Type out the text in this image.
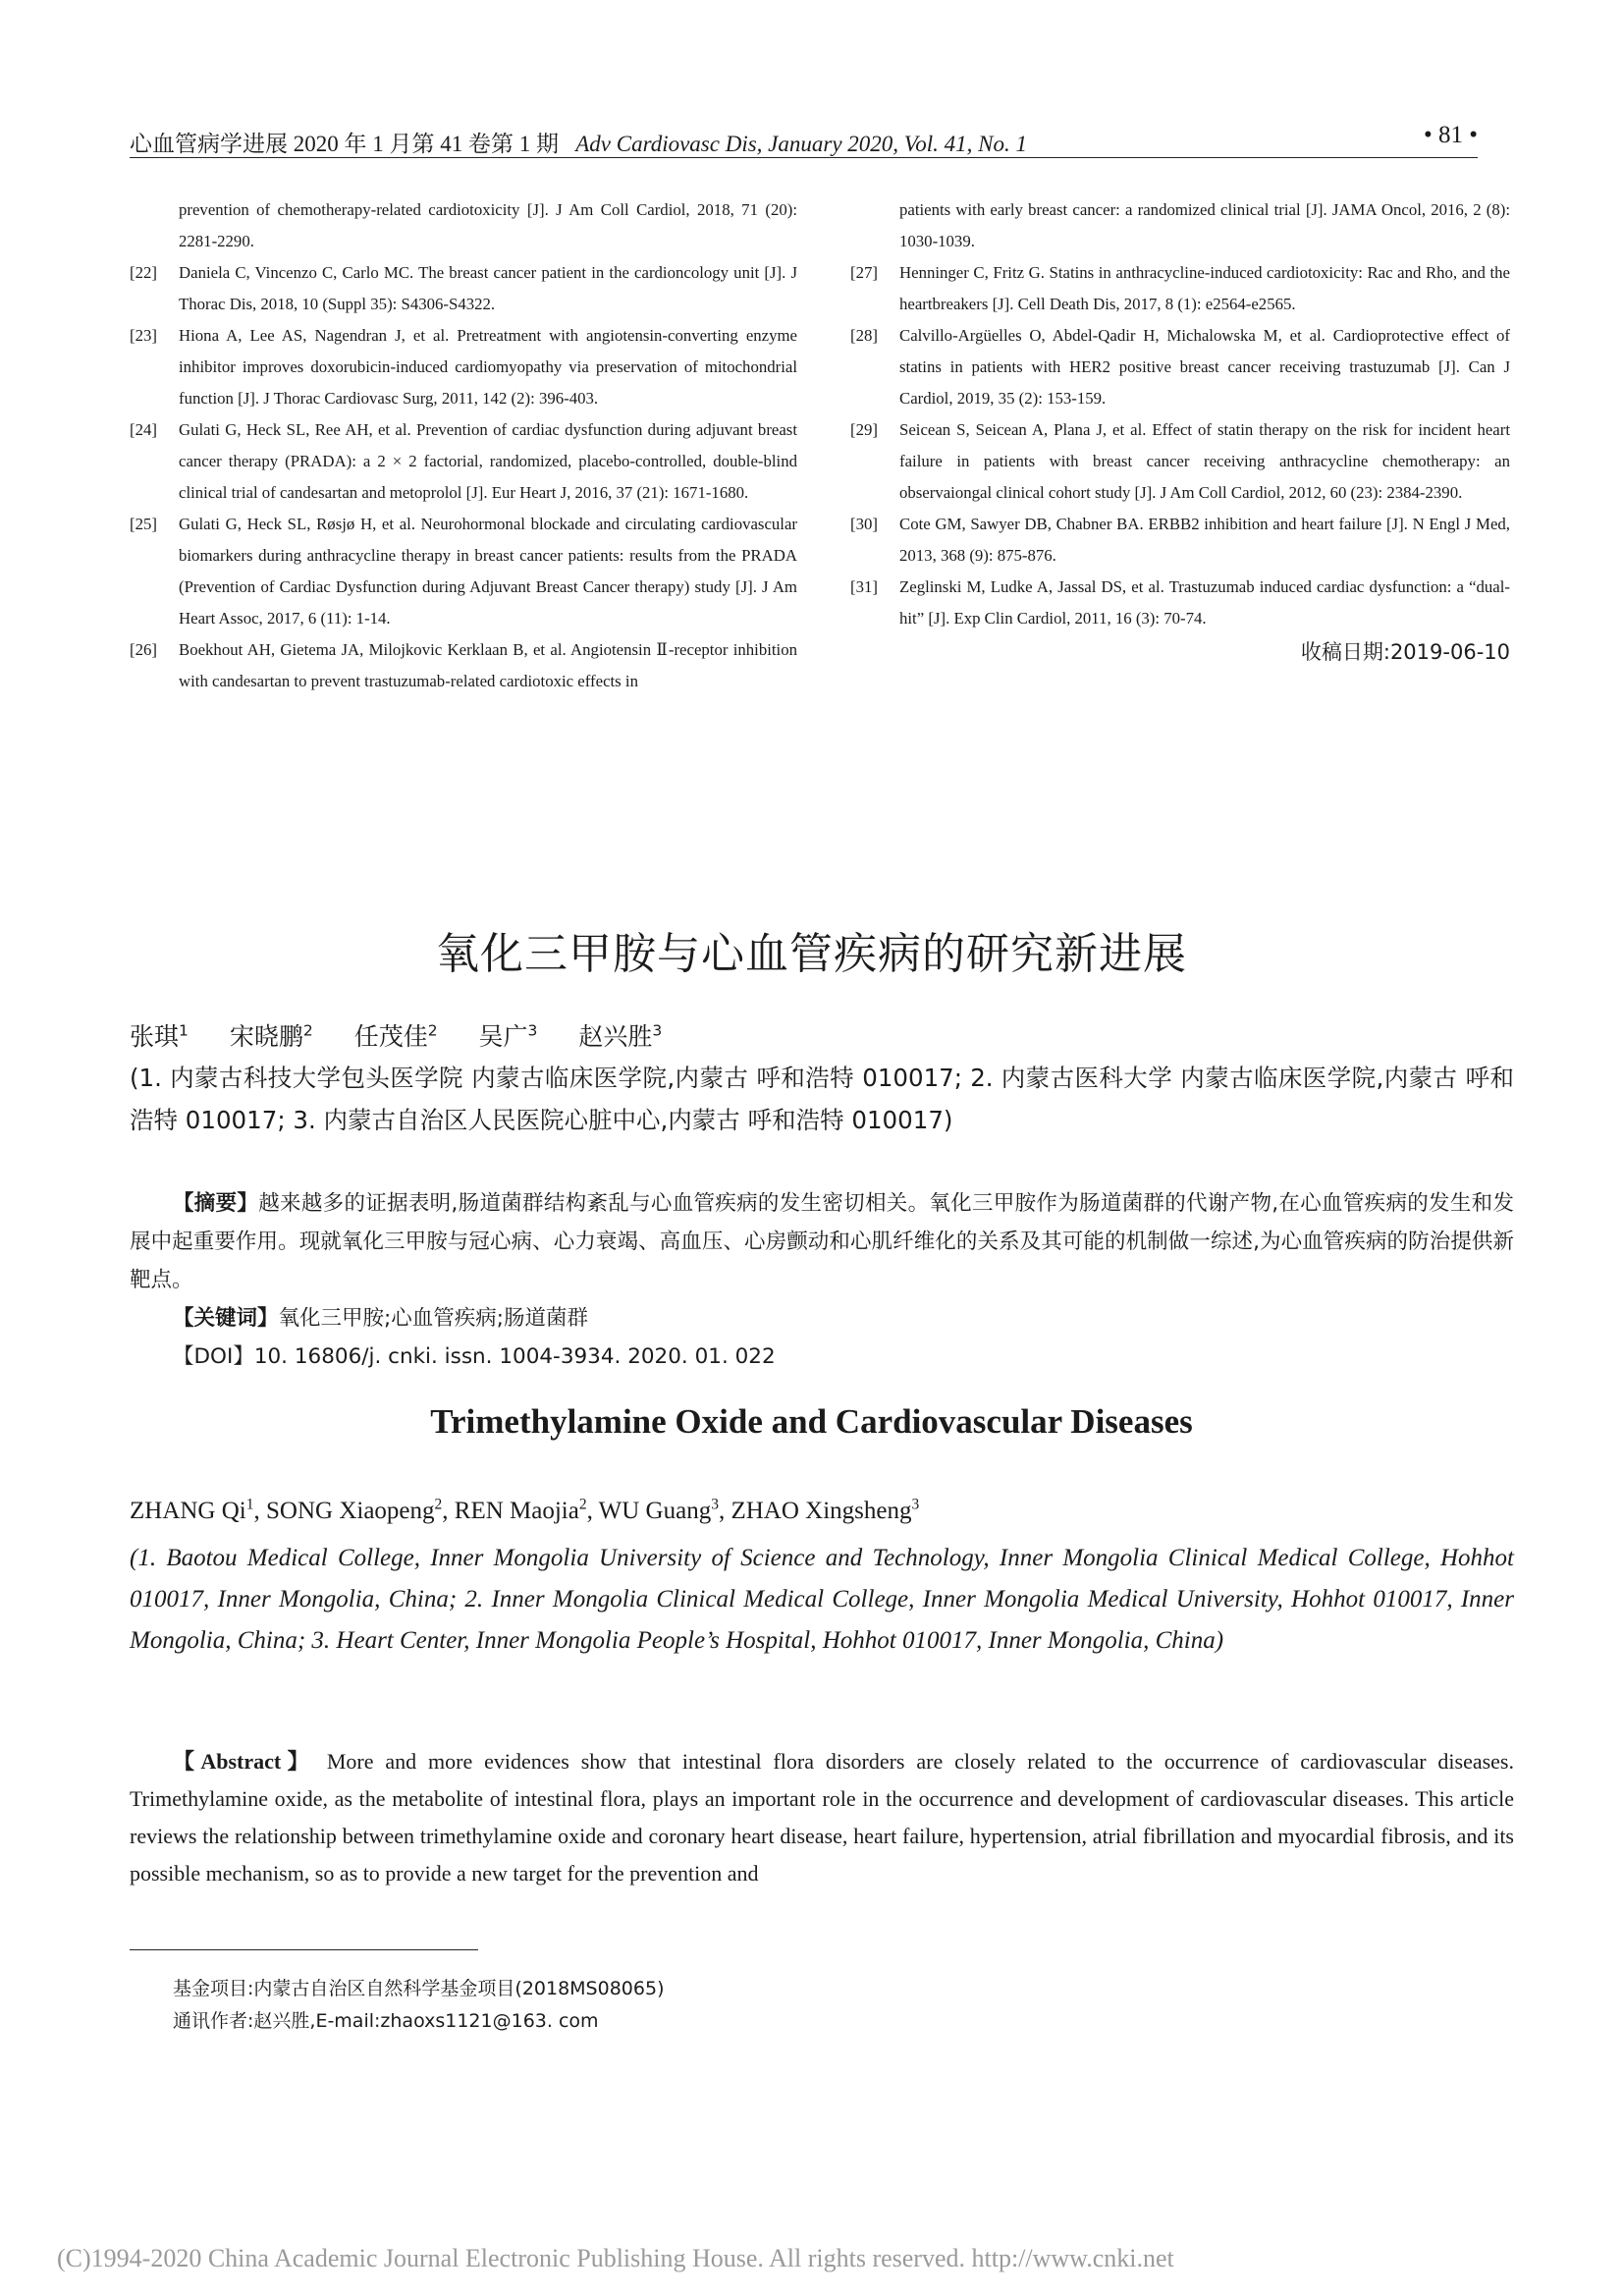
心血管病学进展 2020 年 1 月第 41 卷第 1 期 Adv Cardiovasc Dis, January 2020, Vol. 41, No. 1	• 81 •
prevention of chemotherapy-related cardiotoxicity [J]. J Am Coll Cardiol, 2018, 71 (20): 2281-2290.
[22] Daniela C, Vincenzo C, Carlo MC. The breast cancer patient in the cardioncology unit [J]. J Thorac Dis, 2018, 10 (Suppl 35): S4306-S4322.
[23] Hiona A, Lee AS, Nagendran J, et al. Pretreatment with angiotensin-converting enzyme inhibitor improves doxorubicin-induced cardiomyopathy via preservation of mitochondrial function [J]. J Thorac Cardiovasc Surg, 2011, 142 (2): 396-403.
[24] Gulati G, Heck SL, Ree AH, et al. Prevention of cardiac dysfunction during adjuvant breast cancer therapy (PRADA): a 2 × 2 factorial, randomized, placebo-controlled, double-blind clinical trial of candesartan and metoprolol [J]. Eur Heart J, 2016, 37 (21): 1671-1680.
[25] Gulati G, Heck SL, Røsjø H, et al. Neurohormonal blockade and circulating cardiovascular biomarkers during anthracycline therapy in breast cancer patients: results from the PRADA (Prevention of Cardiac Dysfunction during Adjuvant Breast Cancer therapy) study [J]. J Am Heart Assoc, 2017, 6 (11): 1-14.
[26] Boekhout AH, Gietema JA, Milojkovic Kerklaan B, et al. Angiotensin Ⅱ-receptor inhibition with candesartan to prevent trastuzumab-related cardiotoxic effects in
patients with early breast cancer: a randomized clinical trial [J]. JAMA Oncol, 2016, 2 (8): 1030-1039.
[27] Henninger C, Fritz G. Statins in anthracycline-induced cardiotoxicity: Rac and Rho, and the heartbreakers [J]. Cell Death Dis, 2017, 8 (1): e2564-e2565.
[28] Calvillo-Argüelles O, Abdel-Qadir H, Michalowska M, et al. Cardioprotective effect of statins in patients with HER2 positive breast cancer receiving trastuzumab [J]. Can J Cardiol, 2019, 35 (2): 153-159.
[29] Seicean S, Seicean A, Plana J, et al. Effect of statin therapy on the risk for incident heart failure in patients with breast cancer receiving anthracycline chemotherapy: an observaiongal clinical cohort study [J]. J Am Coll Cardiol, 2012, 60 (23): 2384-2390.
[30] Cote GM, Sawyer DB, Chabner BA. ERBB2 inhibition and heart failure [J]. N Engl J Med, 2013, 368 (9): 875-876.
[31] Zeglinski M, Ludke A, Jassal DS, et al. Trastuzumab induced cardiac dysfunction: a “dual-hit” [J]. Exp Clin Cardiol, 2011, 16 (3): 70-74.
收稿日期:2019-06-10
氧化三甲胺与心血管疾病的研究新进展
张琪$^1$ 宋晓鹏$^2$ 任茂佳$^2$ 吴广$^3$ 赵兴胜$^3$
(1. 内蒙古科技大学包头医学院 内蒙古临床医学院,内蒙古 呼和浩特 010017; 2. 内蒙古医科大学 内蒙古临床医学院,内蒙古 呼和浩特 010017; 3. 内蒙古自治区人民医院心脏中心,内蒙古 呼和浩特 010017)

【摘要】越来越多的证据表明,肠道菌群结构紊乱与心血管疾病的发生密切相关。氧化三甲胺作为肠道菌群的代谢产物,在心血管疾病的发生和发展中起重要作用。现就氧化三甲胺与冠心病、心力衰竭、高血压、心房颤动和心肌纤维化的关系及其可能的机制做一综述,为心血管疾病的防治提供新靶点。

【关键词】氧化三甲胺;心血管疾病;肠道菌群

【DOI】10. 16806/j. cnki. issn. 1004-3934. 2020. 01. 022

Trimethylamine Oxide and Cardiovascular Diseases
ZHANG Qi$^1$, SONG Xiaopeng$^2$, REN Maojia$^2$, WU Guang$^3$, ZHAO Xingsheng$^3$
(1. Baotou Medical College, Inner Mongolia University of Science and Technology, Inner Mongolia Clinical Medical College, Hohhot 010017, Inner Mongolia, China; 2. Inner Mongolia Clinical Medical College, Inner Mongolia Medical University, Hohhot 010017, Inner Mongolia, China; 3. Heart Center, Inner Mongolia People’s Hospital, Hohhot 010017, Inner Mongolia, China)

【Abstract】 More and more evidences show that intestinal flora disorders are closely related to the occurrence of cardiovascular diseases. Trimethylamine oxide, as the metabolite of intestinal flora, plays an important role in the occurrence and development of cardiovascular diseases. This article reviews the relationship between trimethylamine oxide and coronary heart disease, heart failure, hypertension, atrial fibrillation and myocardial fibrosis, and its possible mechanism, so as to provide a new target for the prevention and

基金项目:内蒙古自治区自然科学基金项目(2018MS08065)
通讯作者:赵兴胜,E-mail:zhaoxs1121@163. com
(C)1994-2020 China Academic Journal Electronic Publishing House. All rights reserved. http://www.cnki.net
